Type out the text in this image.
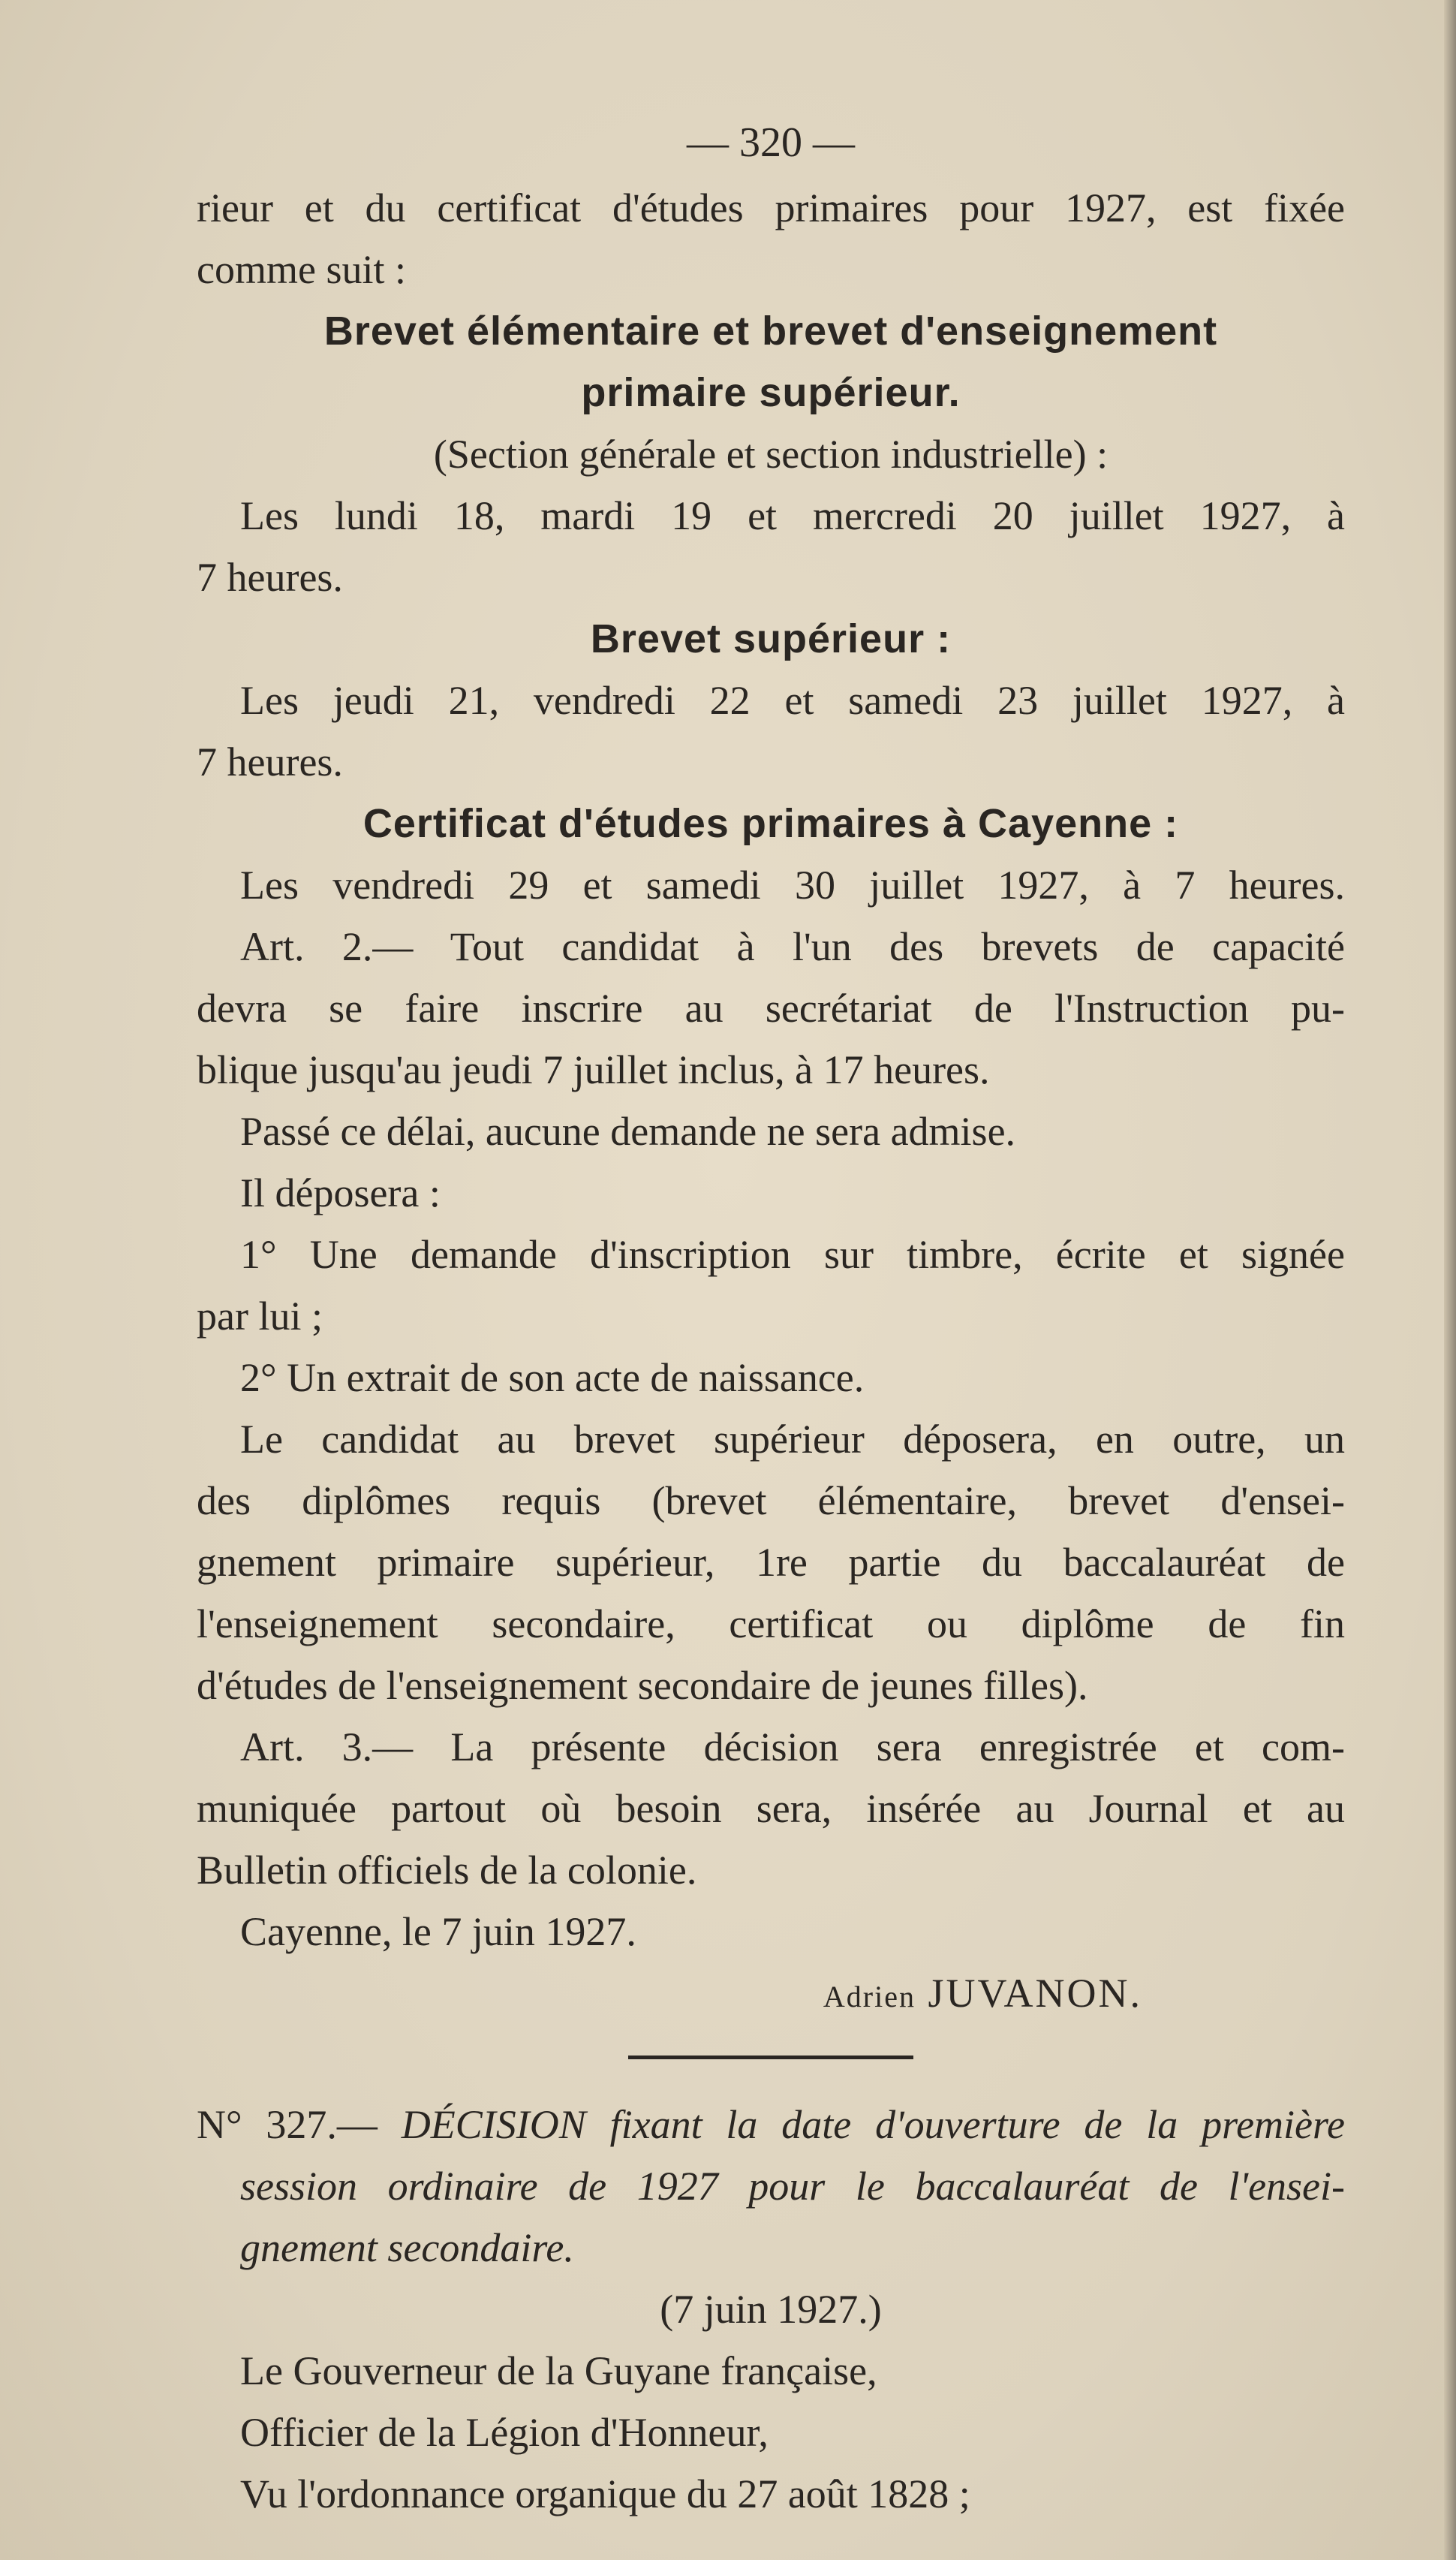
— 320 —

rieur et du certificat d'études primaires pour 1927, est fixée

comme suit :

Brevet élémentaire et brevet d'enseignement

primaire supérieur.

(Section générale et section industrielle) :

Les lundi 18, mardi 19 et mercredi 20 juillet 1927, à

7 heures.

Brevet supérieur :

Les jeudi 21, vendredi 22 et samedi 23 juillet 1927, à

7 heures.

Certificat d'études primaires à Cayenne :

Les vendredi 29 et samedi 30 juillet 1927, à 7 heures.

Art. 2.— Tout candidat à l'un des brevets de capacité

devra se faire inscrire au secrétariat de l'Instruction pu-

blique jusqu'au jeudi 7 juillet inclus, à 17 heures.

Passé ce délai, aucune demande ne sera admise.

Il déposera :

1° Une demande d'inscription sur timbre, écrite et signée

par lui ;

2° Un extrait de son acte de naissance.

Le candidat au brevet supérieur déposera, en outre, un

des diplômes requis (brevet élémentaire, brevet d'ensei-

gnement primaire supérieur, 1re partie du baccalauréat de

l'enseignement secondaire, certificat ou diplôme de fin

d'études de l'enseignement secondaire de jeunes filles).

Art. 3.— La présente décision sera enregistrée et com-

muniquée partout où besoin sera, insérée au Journal et au

Bulletin officiels de la colonie.

Cayenne, le 7 juin 1927.

Adrien JUVANON.

N° 327.— DÉCISION fixant la date d'ouverture de la première

session ordinaire de 1927 pour le baccalauréat de l'ensei-

gnement secondaire.

(7 juin 1927.)

Le Gouverneur de la Guyane française,

Officier de la Légion d'Honneur,

Vu l'ordonnance organique du 27 août 1828 ;
